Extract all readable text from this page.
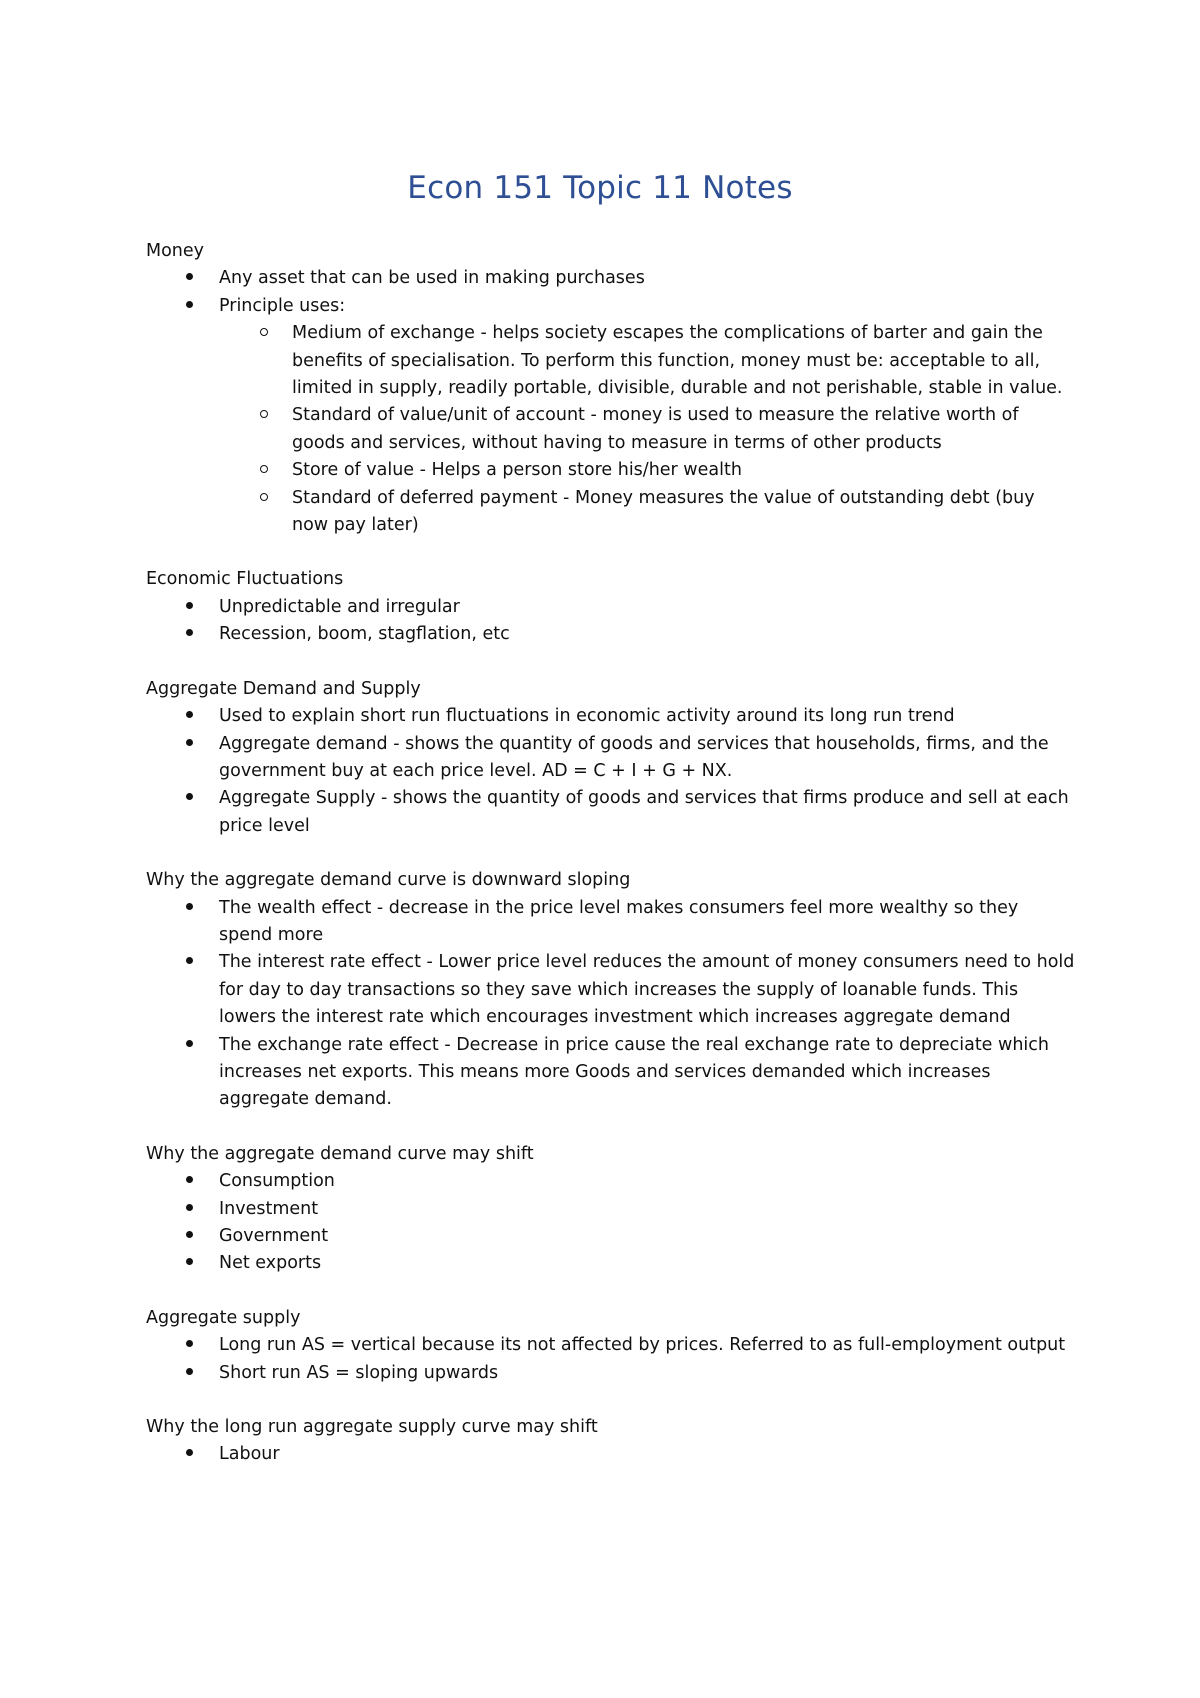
Econ 151 Topic 11 Notes

Money

Any asset that can be used in making purchases
Principle uses:
Medium of exchange - helps society escapes the complications of barter and gain the benefits of specialisation. To perform this function, money must be: acceptable to all, limited in supply, readily portable, divisible, durable and not perishable, stable in value.
Standard of value/unit of account - money is used to measure the relative worth of goods and services, without having to measure in terms of other products
Store of value - Helps a person store his/her wealth
Standard of deferred payment - Money measures the value of outstanding debt (buy now pay later)

Economic Fluctuations

Unpredictable and irregular
Recession, boom, stagflation, etc

Aggregate Demand and Supply

Used to explain short run fluctuations in economic activity around its long run trend
Aggregate demand - shows the quantity of goods and services that households, firms, and the government buy at each price level. AD = C + I + G + NX.
Aggregate Supply - shows the quantity of goods and services that firms produce and sell at each price level

Why the aggregate demand curve is downward sloping

The wealth effect - decrease in the price level makes consumers feel more wealthy so they spend more
The interest rate effect - Lower price level reduces the amount of money consumers need to hold for day to day transactions so they save which increases the supply of loanable funds. This lowers the interest rate which encourages investment which increases aggregate demand
The exchange rate effect - Decrease in price cause the real exchange rate to depreciate which increases net exports. This means more Goods and services demanded which increases aggregate demand.

Why the aggregate demand curve may shift

Consumption
Investment
Government
Net exports

Aggregate supply

Long run AS = vertical because its not affected by prices. Referred to as full-employment output
Short run AS = sloping upwards

Why the long run aggregate supply curve may shift

Labour
